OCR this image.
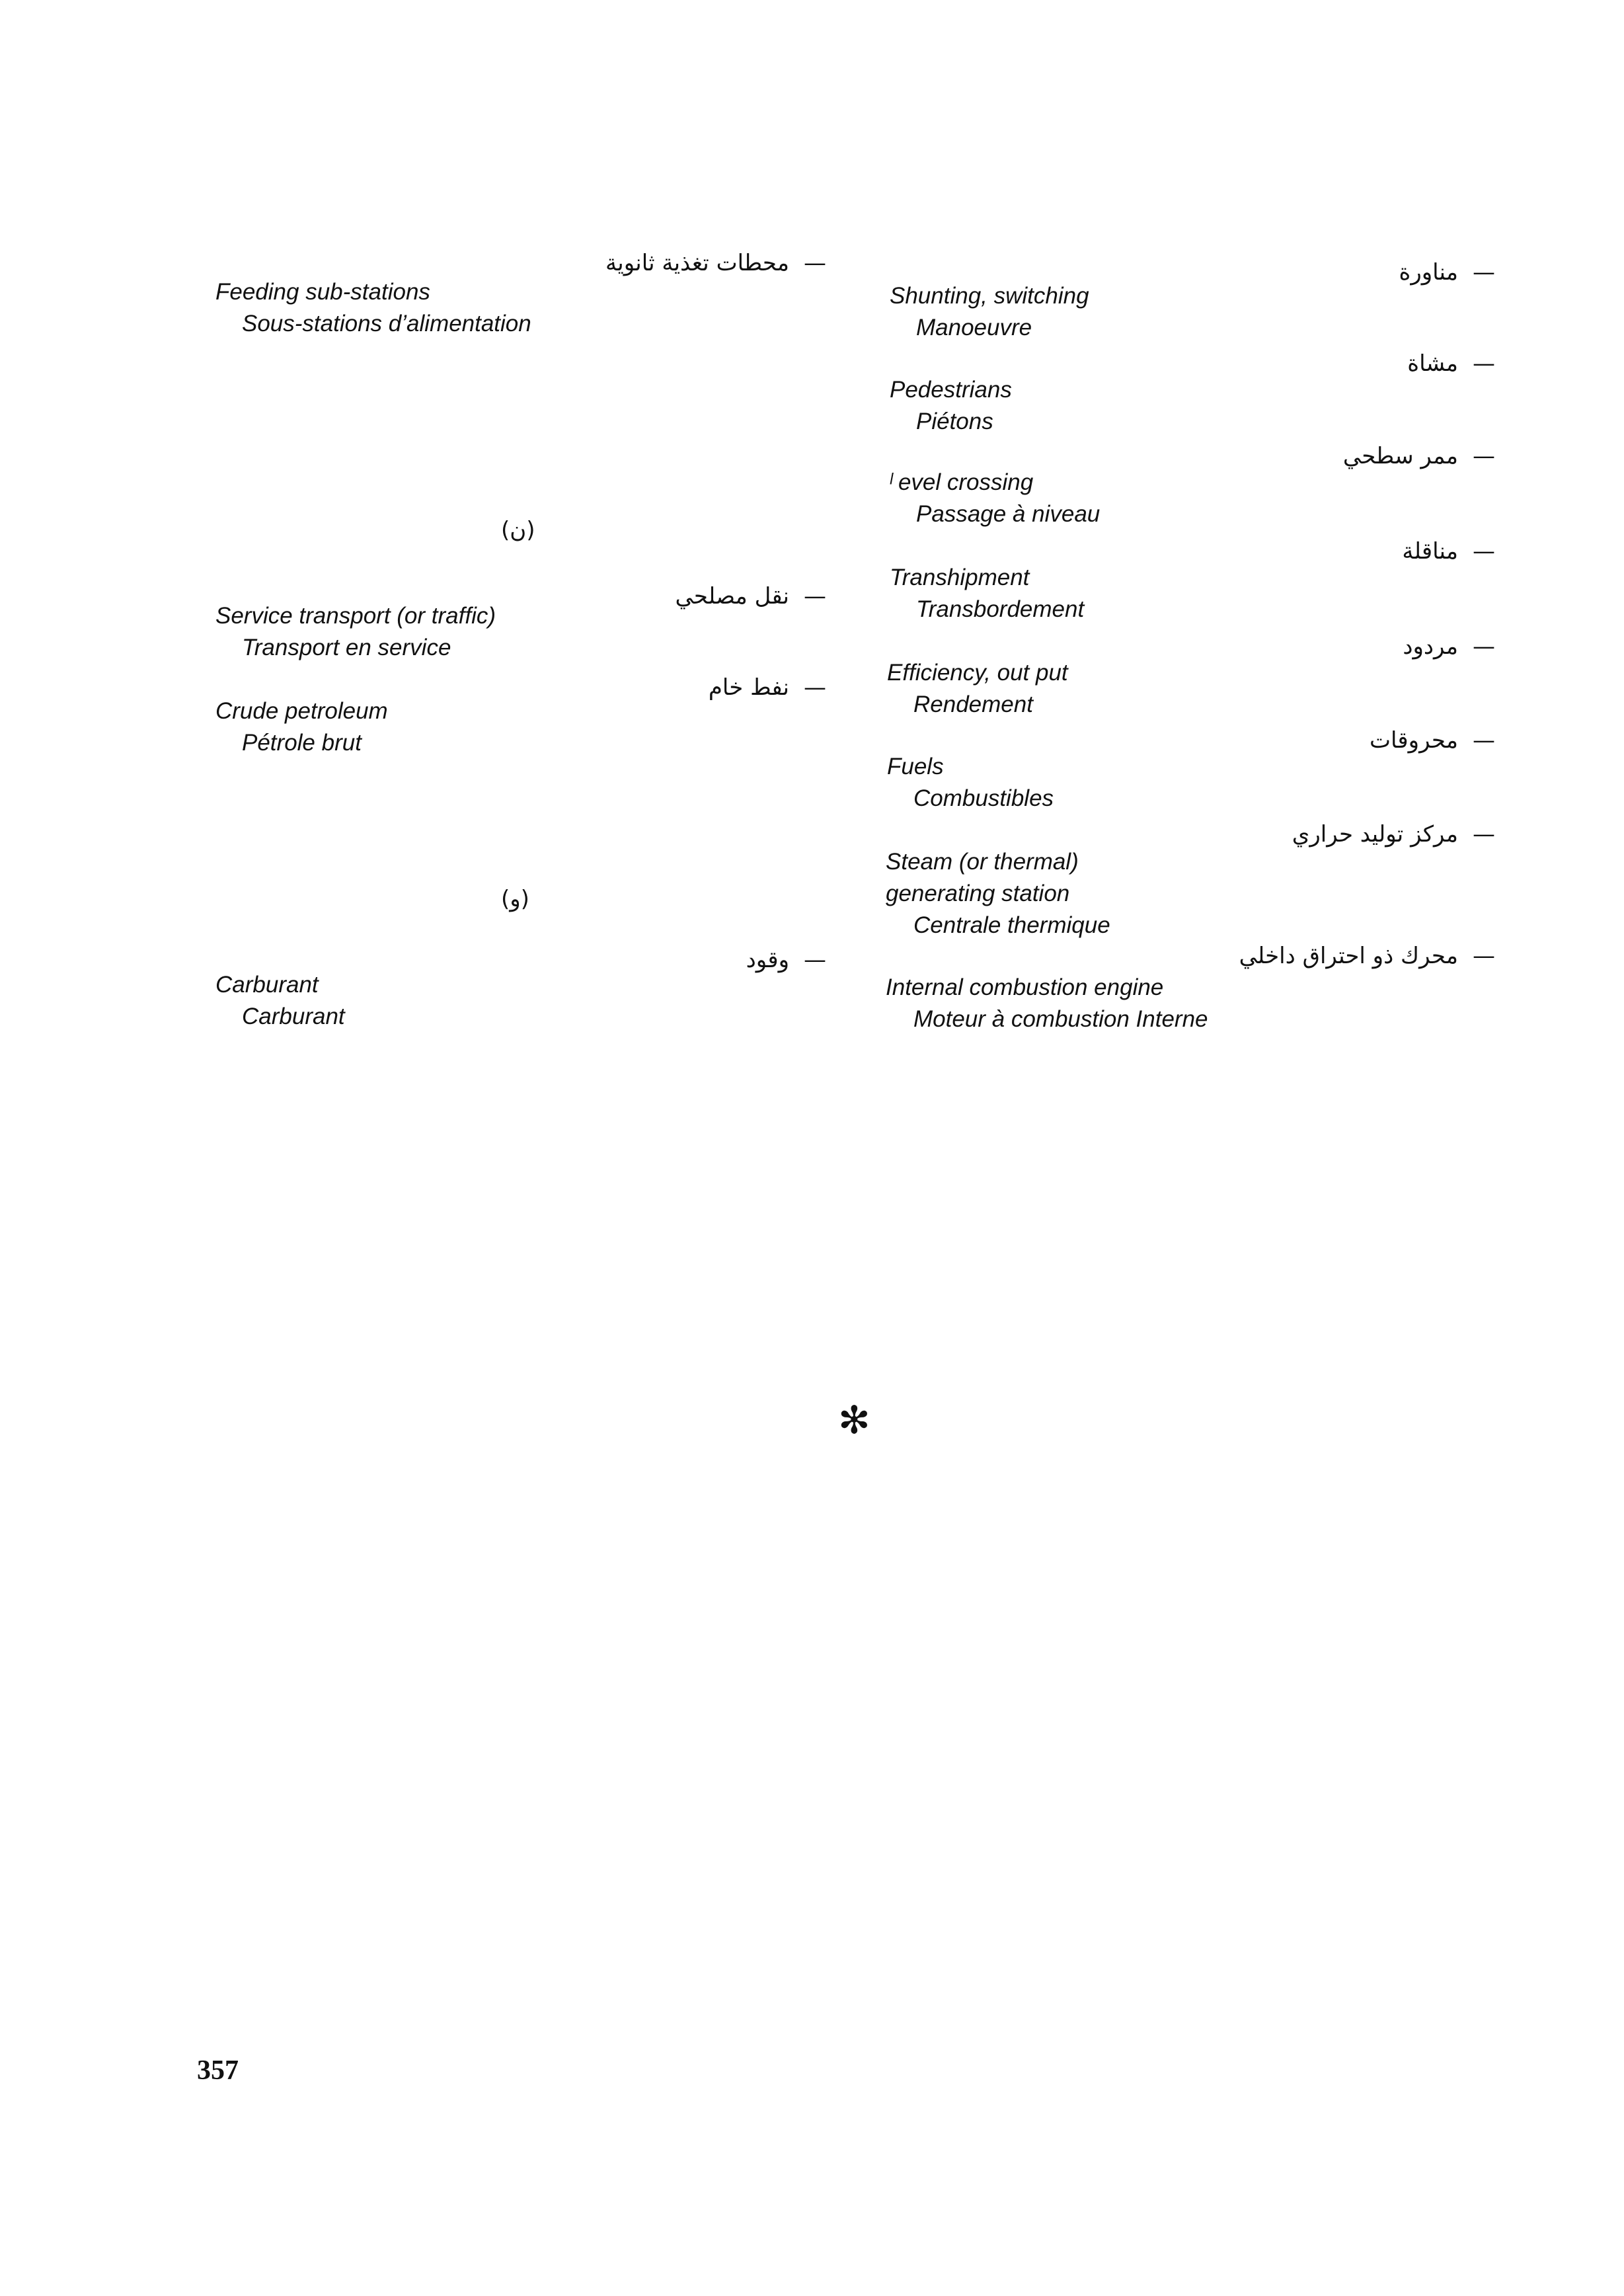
—محطات تغذية ثانوية
Feeding sub-stations
Sous-stations d’alimentation
(ن)
—نقل مصلحي
Service transport (or traffic)
Transport en service
—نفط خام
Crude petroleum
Pétrole brut
(و)
—وقود
Carburant
Carburant
—مناورة
Shunting, switching
Manoeuvre
—مشاة
Pedestrians
Piétons
—ممر سطحي
ˡ evel crossing
Passage à niveau
—مناقلة
Transhipment
Transbordement
—مردود
Efficiency, out put
Rendement
—محروقات
Fuels
Combustibles
—مركز توليد حراري
Steam (or thermal)
generating station
Centrale thermique
—محرك ذو احتراق داخلي
Internal combustion engine
Moteur à combustion Interne
✻
357
